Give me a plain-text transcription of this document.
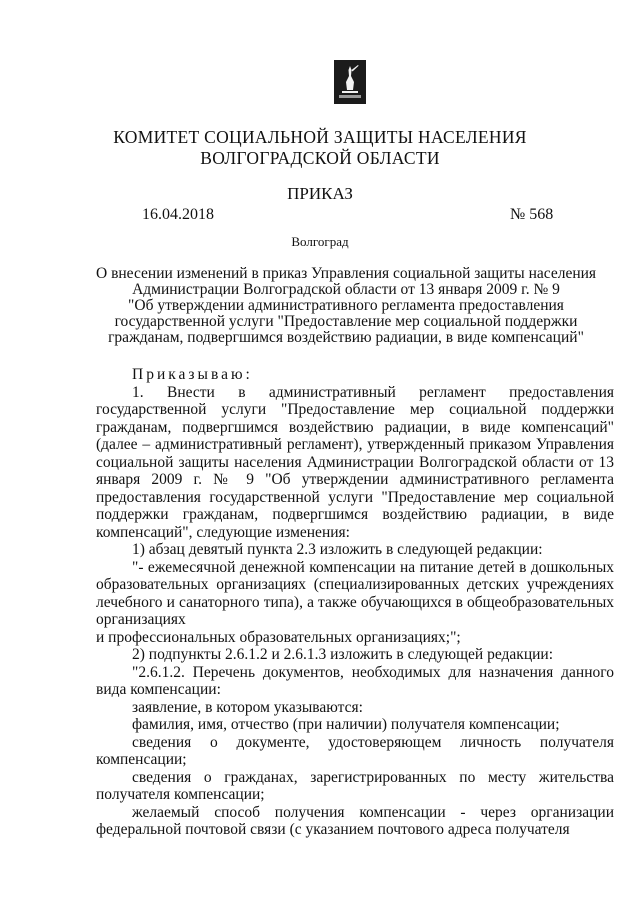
КОМИТЕТ СОЦИАЛЬНОЙ ЗАЩИТЫ НАСЕЛЕНИЯ
ВОЛГОГРАДСКОЙ ОБЛАСТИ
ПРИКАЗ
16.04.2018	№ 568
Волгоград
О внесении изменений в приказ Управления социальной защиты населения
Администрации Волгоградской области от 13 января 2009 г. № 9
"Об утверждении административного регламента предоставления
государственной услуги "Предоставление мер социальной поддержки
гражданам, подвергшимся воздействию радиации, в виде компенсаций"

Приказываю:

1. Внести в административный регламент предоставления государственной услуги "Предоставление мер социальной поддержки гражданам, подвергшимся воздействию радиации, в виде компенсаций" (далее – административный регламент), утвержденный приказом Управления социальной защиты населения Администрации Волгоградской области от 13 января 2009 г. № 9 "Об утверждении административного регламента предоставления государственной услуги "Предоставление мер социальной поддержки гражданам, подвергшимся воздействию радиации, в виде компенсаций", следующие изменения:

1) абзац девятый пункта 2.3 изложить в следующей редакции:

"- ежемесячной денежной компенсации на питание детей в дошкольных образовательных организациях (специализированных детских учреждениях лечебного и санаторного типа), а также обучающихся в общеобразовательных организациях

и профессиональных образовательных организациях;";

2) подпункты 2.6.1.2 и 2.6.1.3 изложить в следующей редакции:

"2.6.1.2. Перечень документов, необходимых для назначения данного вида компенсации:

заявление, в котором указываются:

фамилия, имя, отчество (при наличии) получателя компенсации;

сведения о документе, удостоверяющем личность получателя компенсации;

сведения о гражданах, зарегистрированных по месту жительства получателя компенсации;

желаемый способ получения компенсации - через организации федеральной почтовой связи (с указанием почтового адреса получателя
